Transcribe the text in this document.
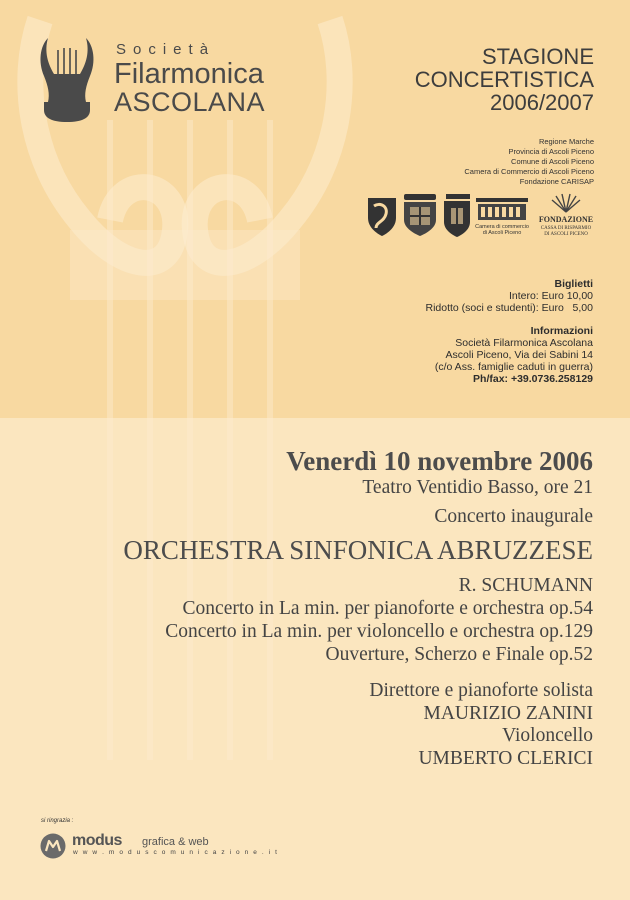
Società
Filarmonica
ASCOLANA
STAGIONE
CONCERTISTICA
2006/2007
Regione Marche
Provincia di Ascoli Piceno
Comune di Ascoli Piceno
Camera di Commercio di Ascoli Piceno
Fondazione CARISAP
Camera di commercio
di Ascoli Piceno
FONDAZIONE
CASSA DI RISPARMIO
DI ASCOLI PICENO
Biglietti
Intero: Euro 10,00
Ridotto (soci e studenti): Euro   5,00
Informazioni
Società Filarmonica Ascolana
Ascoli Piceno, Via dei Sabini 14
(c/o Ass. famiglie caduti in guerra)
Ph/fax: +39.0736.258129
Venerdì 10 novembre 2006
Teatro Ventidio Basso, ore 21
Concerto inaugurale
ORCHESTRA SINFONICA ABRUZZESE
R. SCHUMANN
Concerto in La min. per pianoforte e orchestra op.54
Concerto in La min. per violoncello e orchestra op.129
Ouverture, Scherzo e Finale op.52
Direttore e pianoforte solista
MAURIZIO ZANINI
Violoncello
UMBERTO CLERICI
si ringrazia :
modus grafica & web
w w w . m o d u s c o m u n i c a z i o n e . i t
